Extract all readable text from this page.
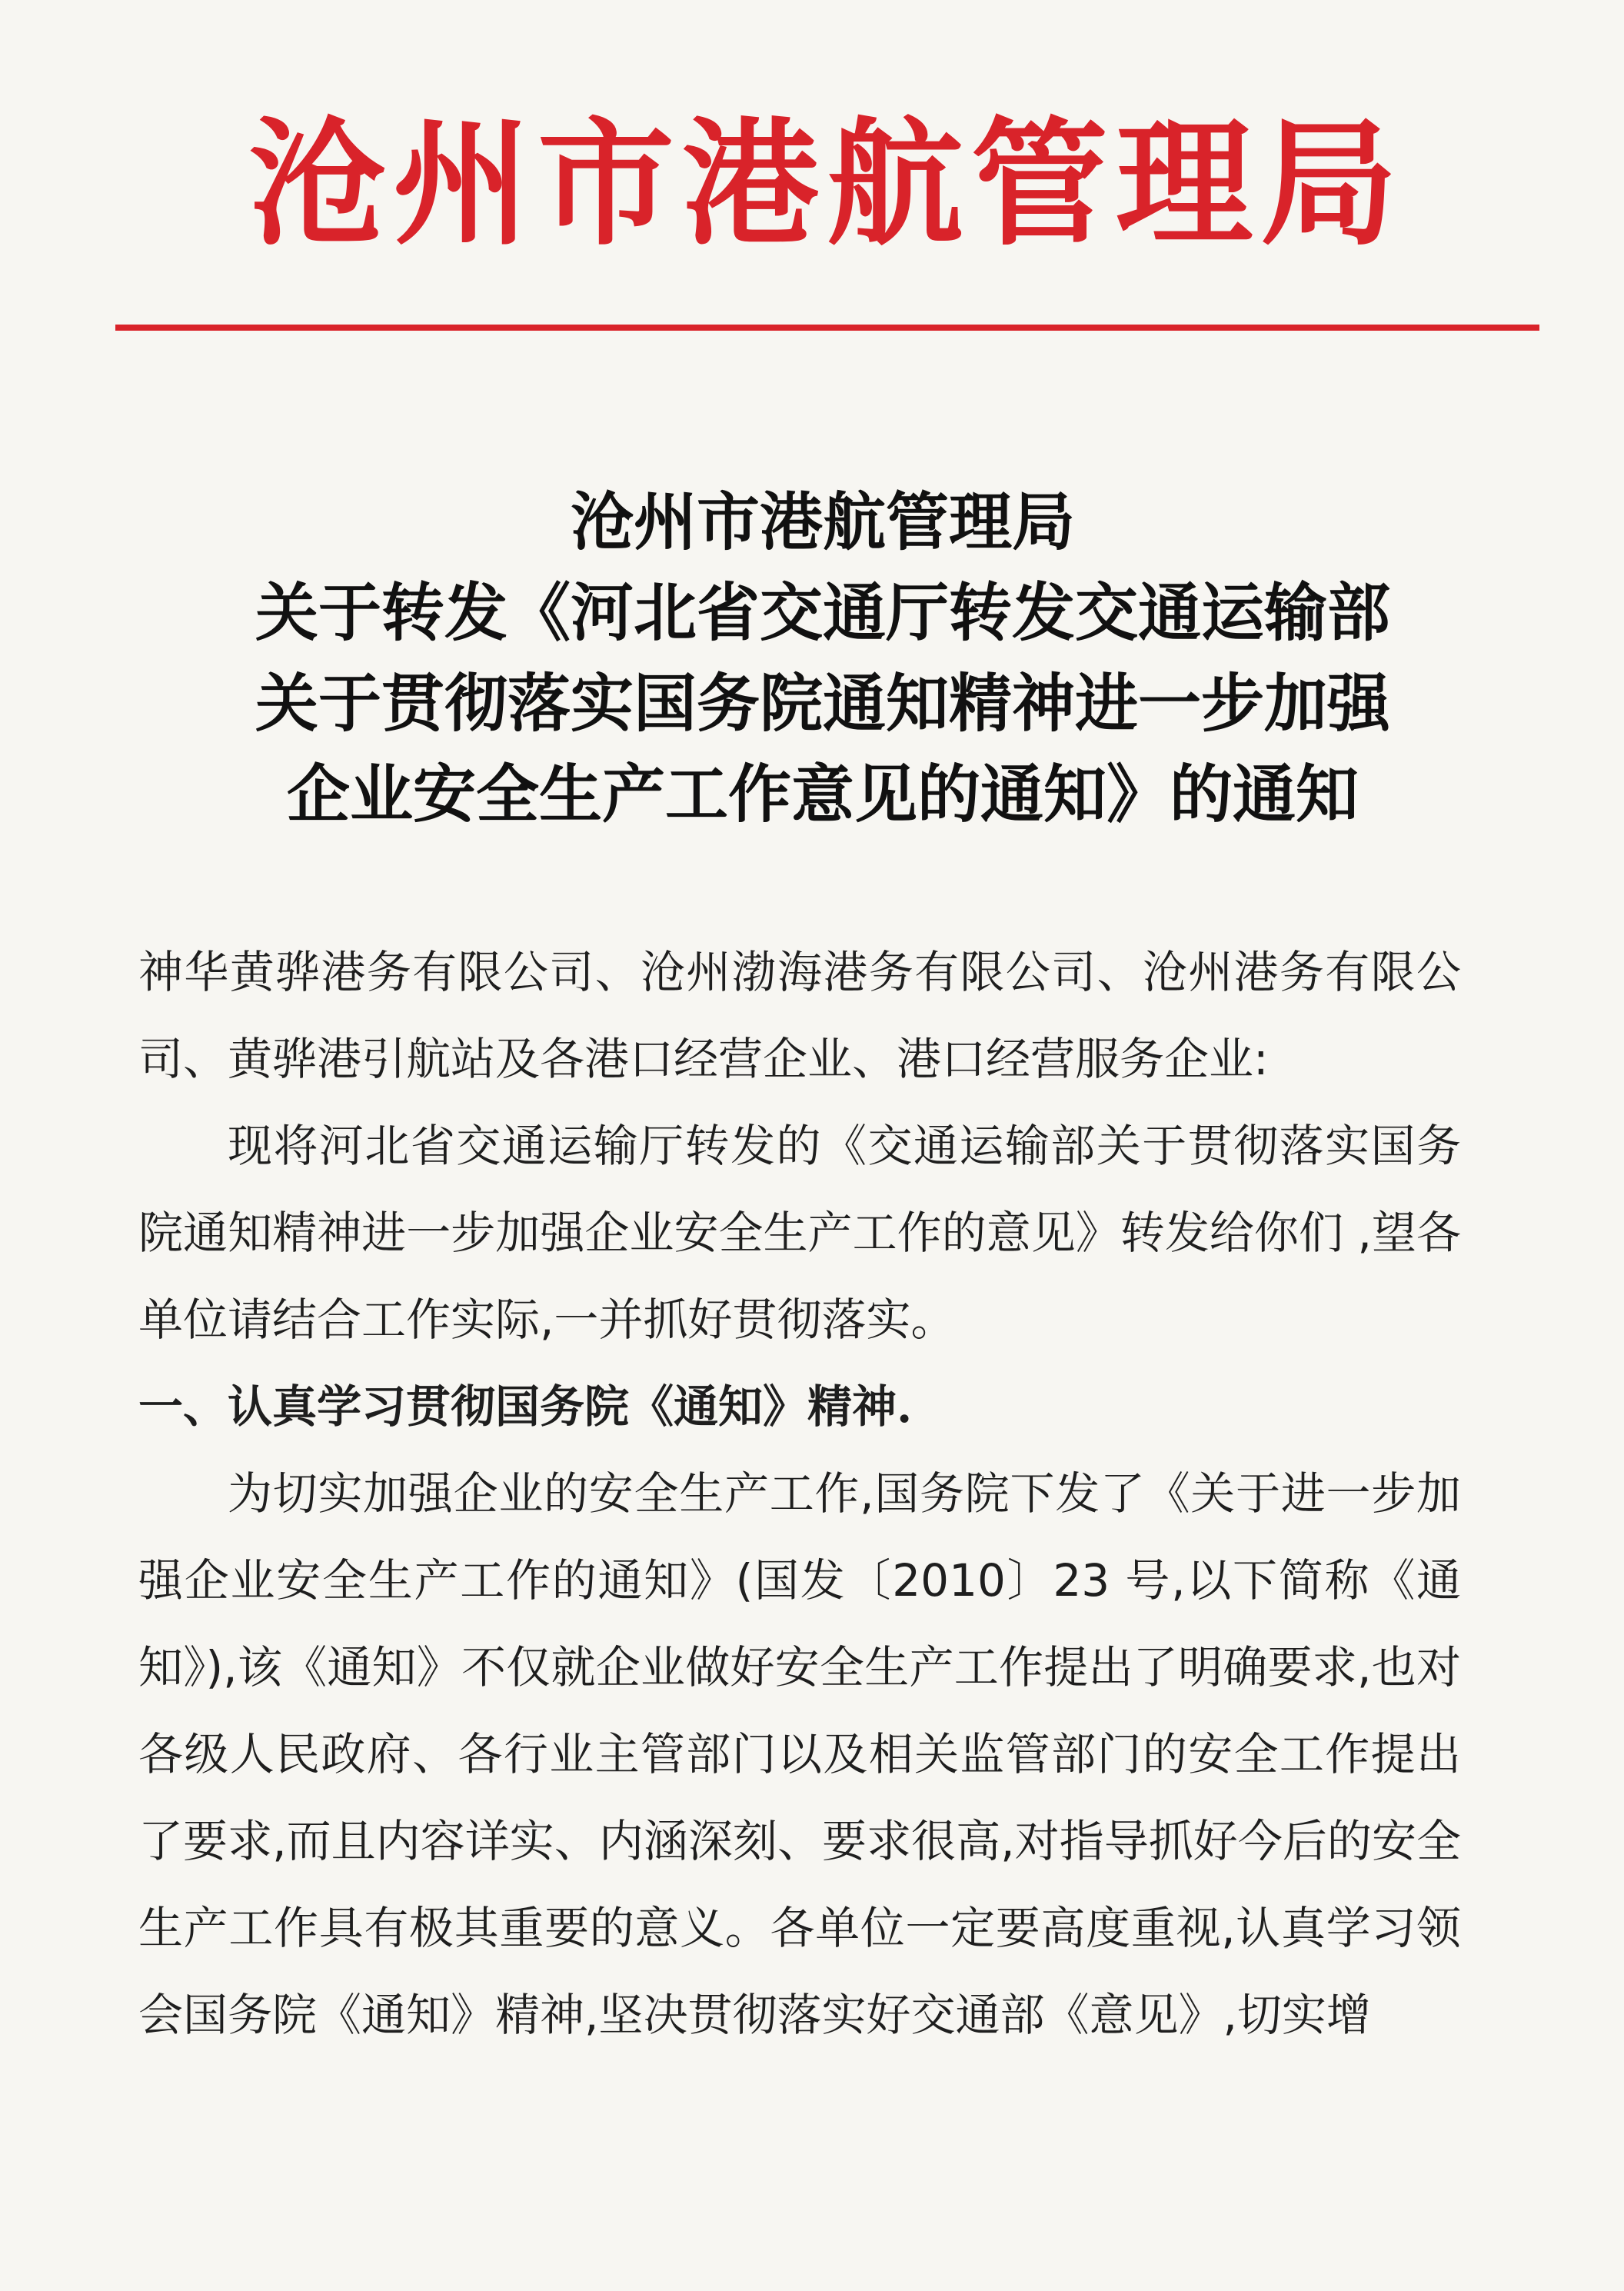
沧州市港航管理局
沧州市港航管理局
关于转发《河北省交通厅转发交通运输部
关于贯彻落实国务院通知精神进一步加强
企业安全生产工作意见的通知》的通知

神华黄骅港务有限公司、沧州渤海港务有限公司、沧州港务有限公司、黄骅港引航站及各港口经营企业、港口经营服务企业:

现将河北省交通运输厅转发的《交通运输部关于贯彻落实国务院通知精神进一步加强企业安全生产工作的意见》转发给你们 ,望各单位请结合工作实际,一并抓好贯彻落实。

一、认真学习贯彻国务院《通知》精神.

为切实加强企业的安全生产工作,国务院下发了《关于进一步加强企业安全生产工作的通知》(国发〔2010〕23 号,以下简称《通知》),该《通知》不仅就企业做好安全生产工作提出了明确要求,也对各级人民政府、各行业主管部门以及相关监管部门的安全工作提出了要求,而且内容详实、内涵深刻、要求很高,对指导抓好今后的安全生产工作具有极其重要的意义。各单位一定要高度重视,认真学习领会国务院《通知》精神,坚决贯彻落实好交通部《意见》,切实增
